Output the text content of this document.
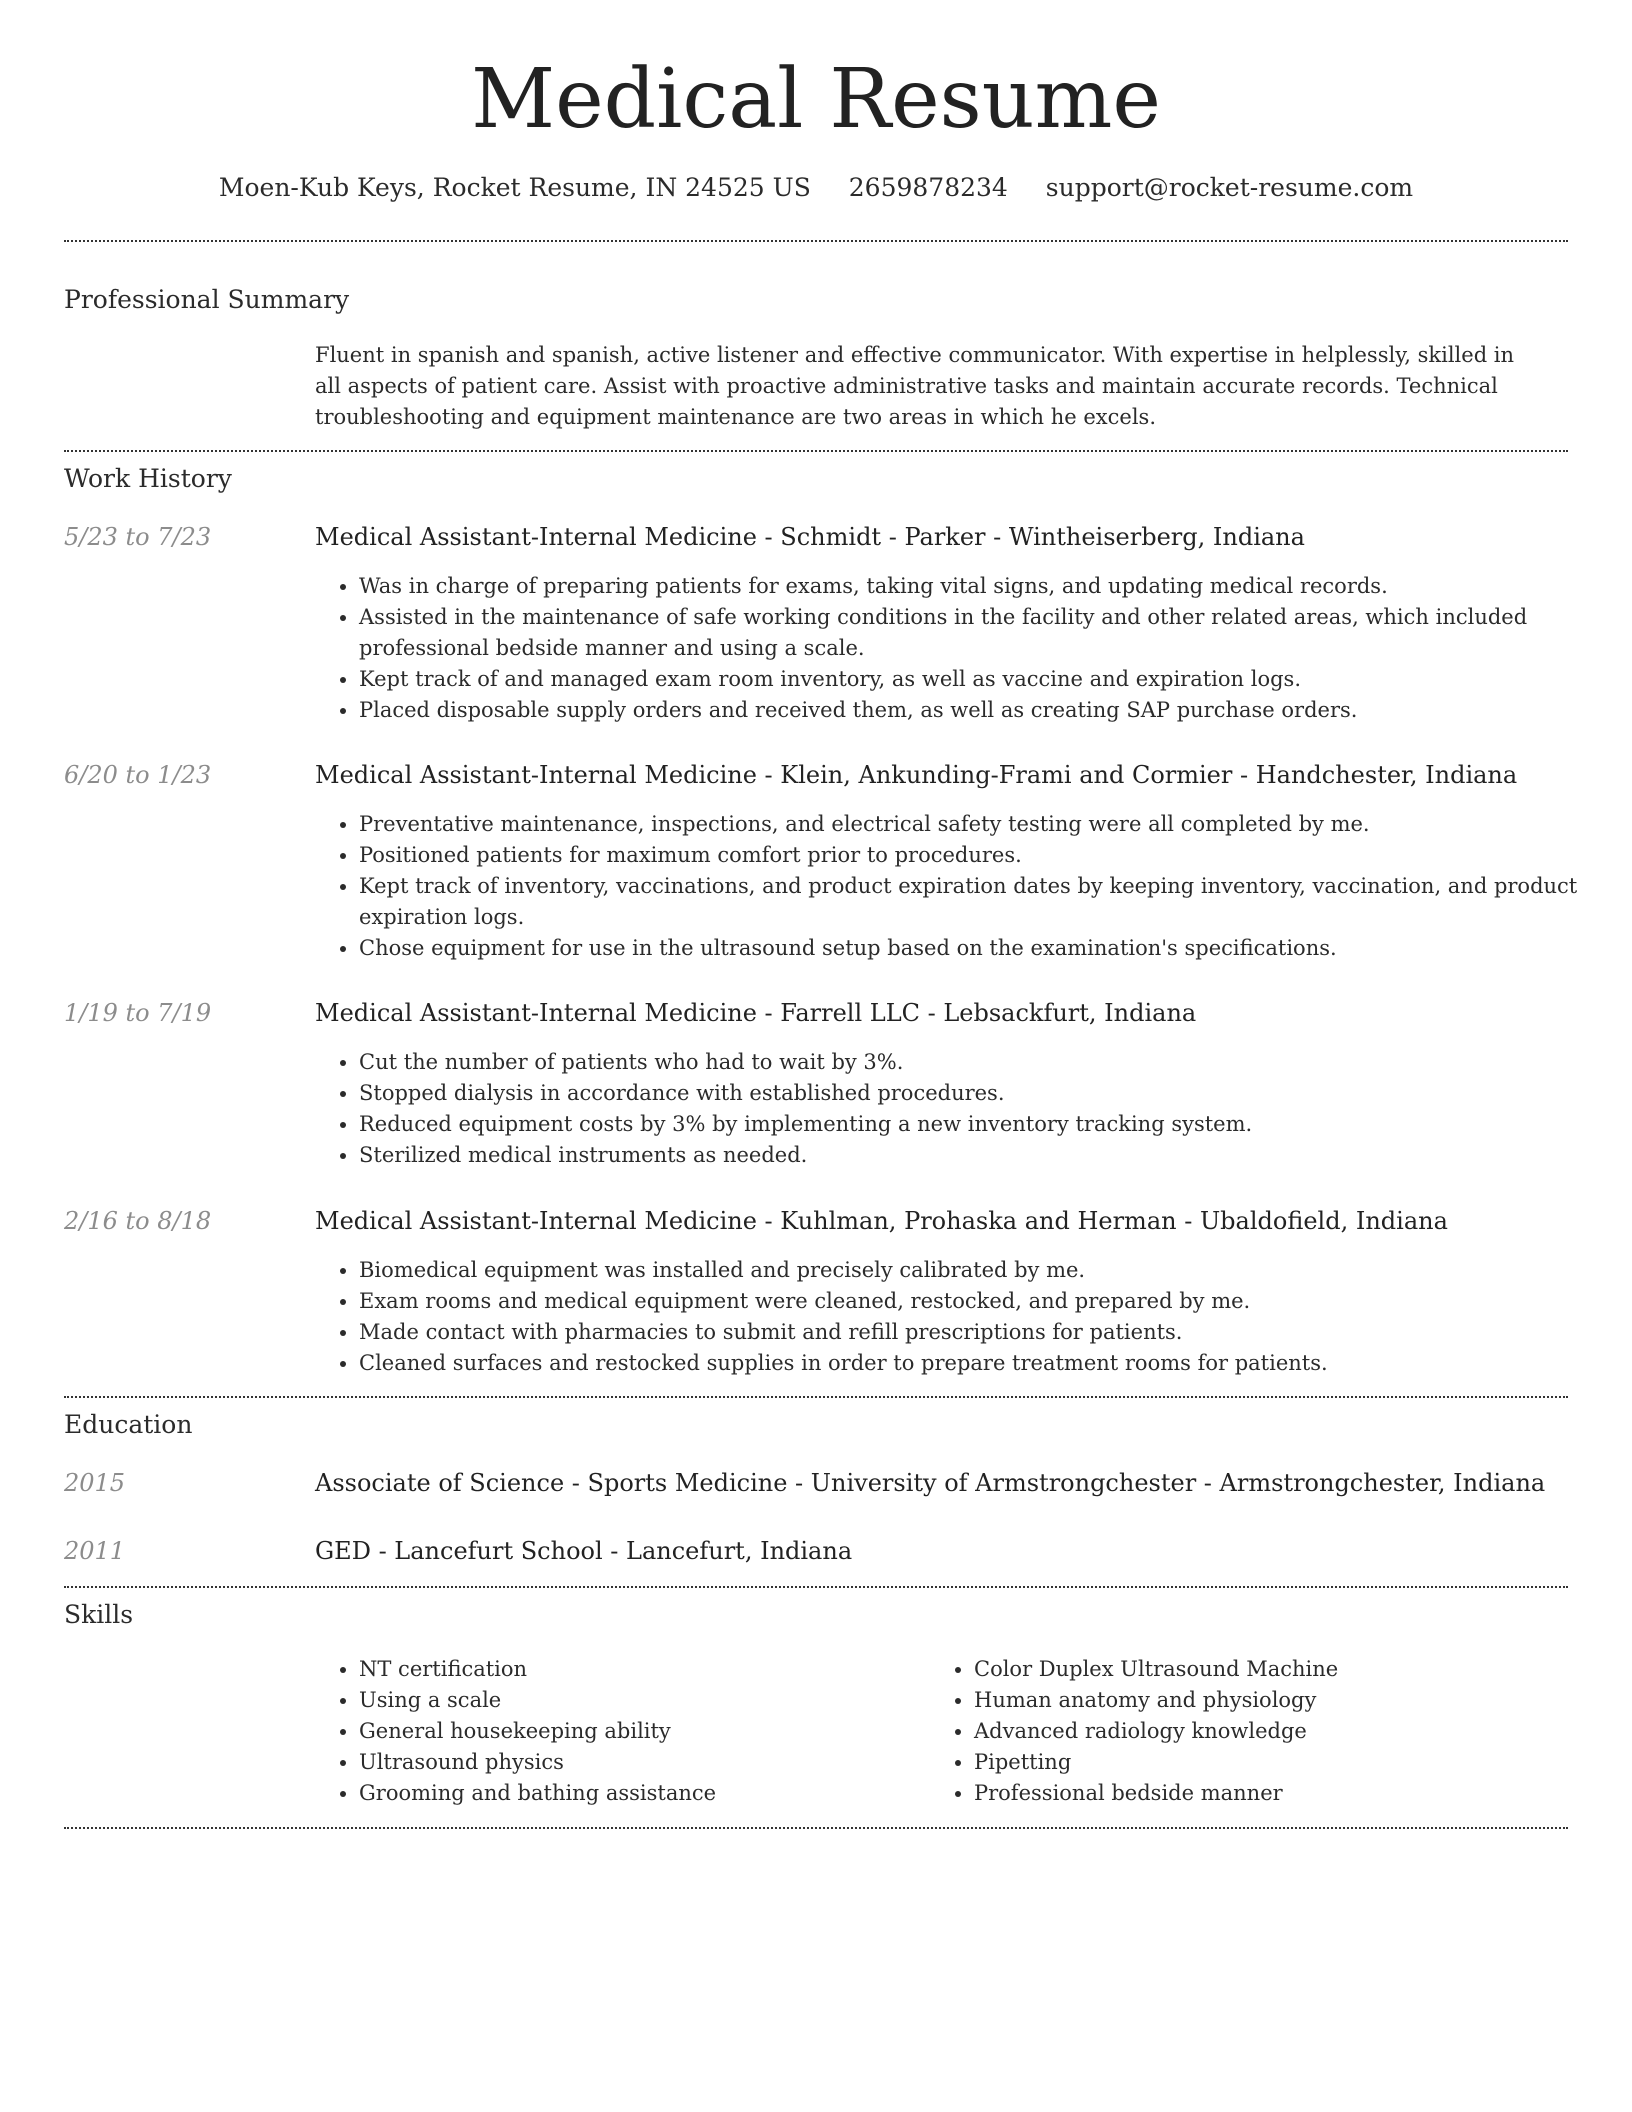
Medical Resume
Moen-Kub Keys, Rocket Resume, IN 24525 US 2659878234 support@rocket-resume.com
Professional Summary
Fluent in spanish and spanish, active listener and effective communicator. With expertise in helplessly, skilled in all aspects of patient care. Assist with proactive administrative tasks and maintain accurate records. Technical troubleshooting and equipment maintenance are two areas in which he excels.
Work History
5/23 to 7/23	Medical Assistant-Internal Medicine - Schmidt - Parker - Wintheiserberg, Indiana
• Was in charge of preparing patients for exams, taking vital signs, and updating medical records.
• Assisted in the maintenance of safe working conditions in the facility and other related areas, which included professional bedside manner and using a scale.
• Kept track of and managed exam room inventory, as well as vaccine and expiration logs.
• Placed disposable supply orders and received them, as well as creating SAP purchase orders.
6/20 to 1/23	Medical Assistant-Internal Medicine - Klein, Ankunding-Frami and Cormier - Handchester, Indiana
• Preventative maintenance, inspections, and electrical safety testing were all completed by me.
• Positioned patients for maximum comfort prior to procedures.
• Kept track of inventory, vaccinations, and product expiration dates by keeping inventory, vaccination, and product expiration logs.
• Chose equipment for use in the ultrasound setup based on the examination's specifications.
1/19 to 7/19	Medical Assistant-Internal Medicine - Farrell LLC - Lebsackfurt, Indiana
• Cut the number of patients who had to wait by 3%.
• Stopped dialysis in accordance with established procedures.
• Reduced equipment costs by 3% by implementing a new inventory tracking system.
• Sterilized medical instruments as needed.
2/16 to 8/18	Medical Assistant-Internal Medicine - Kuhlman, Prohaska and Herman - Ubaldofield, Indiana
• Biomedical equipment was installed and precisely calibrated by me.
• Exam rooms and medical equipment were cleaned, restocked, and prepared by me.
• Made contact with pharmacies to submit and refill prescriptions for patients.
• Cleaned surfaces and restocked supplies in order to prepare treatment rooms for patients.
Education
2015	Associate of Science - Sports Medicine - University of Armstrongchester - Armstrongchester, Indiana
2011	GED - Lancefurt School - Lancefurt, Indiana
Skills
• NT certification
• Using a scale
• General housekeeping ability
• Ultrasound physics
• Grooming and bathing assistance
• Color Duplex Ultrasound Machine
• Human anatomy and physiology
• Advanced radiology knowledge
• Pipetting
• Professional bedside manner
